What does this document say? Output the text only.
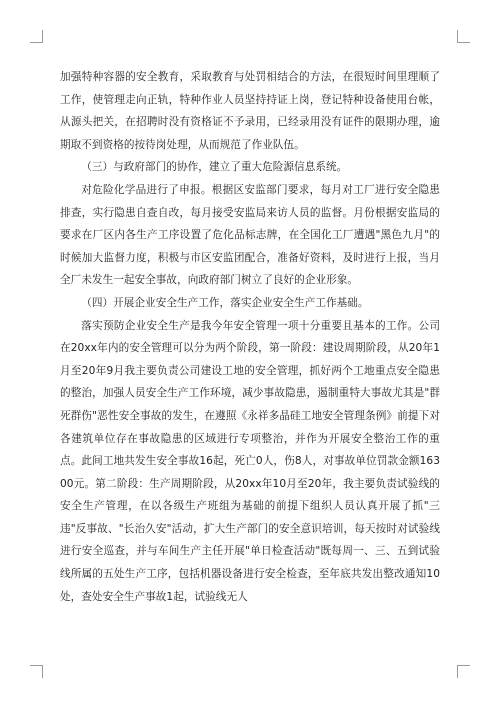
加强特种容器的安全教育，采取教育与处罚相结合的方法，在很短时间里理顺了工作，使管理走向正轨，特种作业人员坚持持证上岗，登记特种设备使用台帐，从源头把关，在招聘时没有资格证不予录用，已经录用没有证件的限期办理，逾期取不到资格的按待岗处理，从而规范了作业队伍。

（三）与政府部门的协作，建立了重大危险源信息系统。

对危险化学品进行了申报。根据区安监部门要求，每月对工厂进行安全隐患排查，实行隐患自查自改，每月接受安监局来访人员的监督。月份根据安监局的要求在厂区内各生产工序设置了危化品标志牌，在全国化工厂遭遇"黑色九月"的时候加大监督力度，积极与市区安监团配合，准备好资料，及时进行上报，当月全厂未发生一起安全事故，向政府部门树立了良好的企业形象。

（四）开展企业安全生产工作，落实企业安全生产工作基础。

落实预防企业安全生产是我今年安全管理一项十分重要且基本的工作。公司在20xx年内的安全管理可以分为两个阶段，第一阶段：建设周期阶段，从20年1月至20年9月我主要负责公司建设工地的安全管理，抓好两个工地重点安全隐患的整治，加强人员安全生产工作环境，减少事故隐患，遏制重特大事故尤其是"群死群伤"恶性安全事故的发生，在遵照《永祥多晶硅工地安全管理条例》前提下对各建筑单位存在事故隐患的区域进行专项整治，并作为开展安全整治工作的重点。此间工地共发生安全事故16起，死亡0人，伤8人，对事故单位罚款金额16300元。第二阶段：生产周期阶段，从20xx年10月至20年，我主要负责试验线的安全生产管理，在以各级生产班组为基础的前提下组织人员认真开展了抓"三违"反事故、"长治久安"活动，扩大生产部门的安全意识培训，每天按时对试验线进行安全巡查，并与车间生产主任开展"单日检查活动"既每周一、三、五到试验线所属的五处生产工序，包括机器设备进行安全检查，至年底共发出整改通知10处，查处安全生产事故1起，试验线无人
